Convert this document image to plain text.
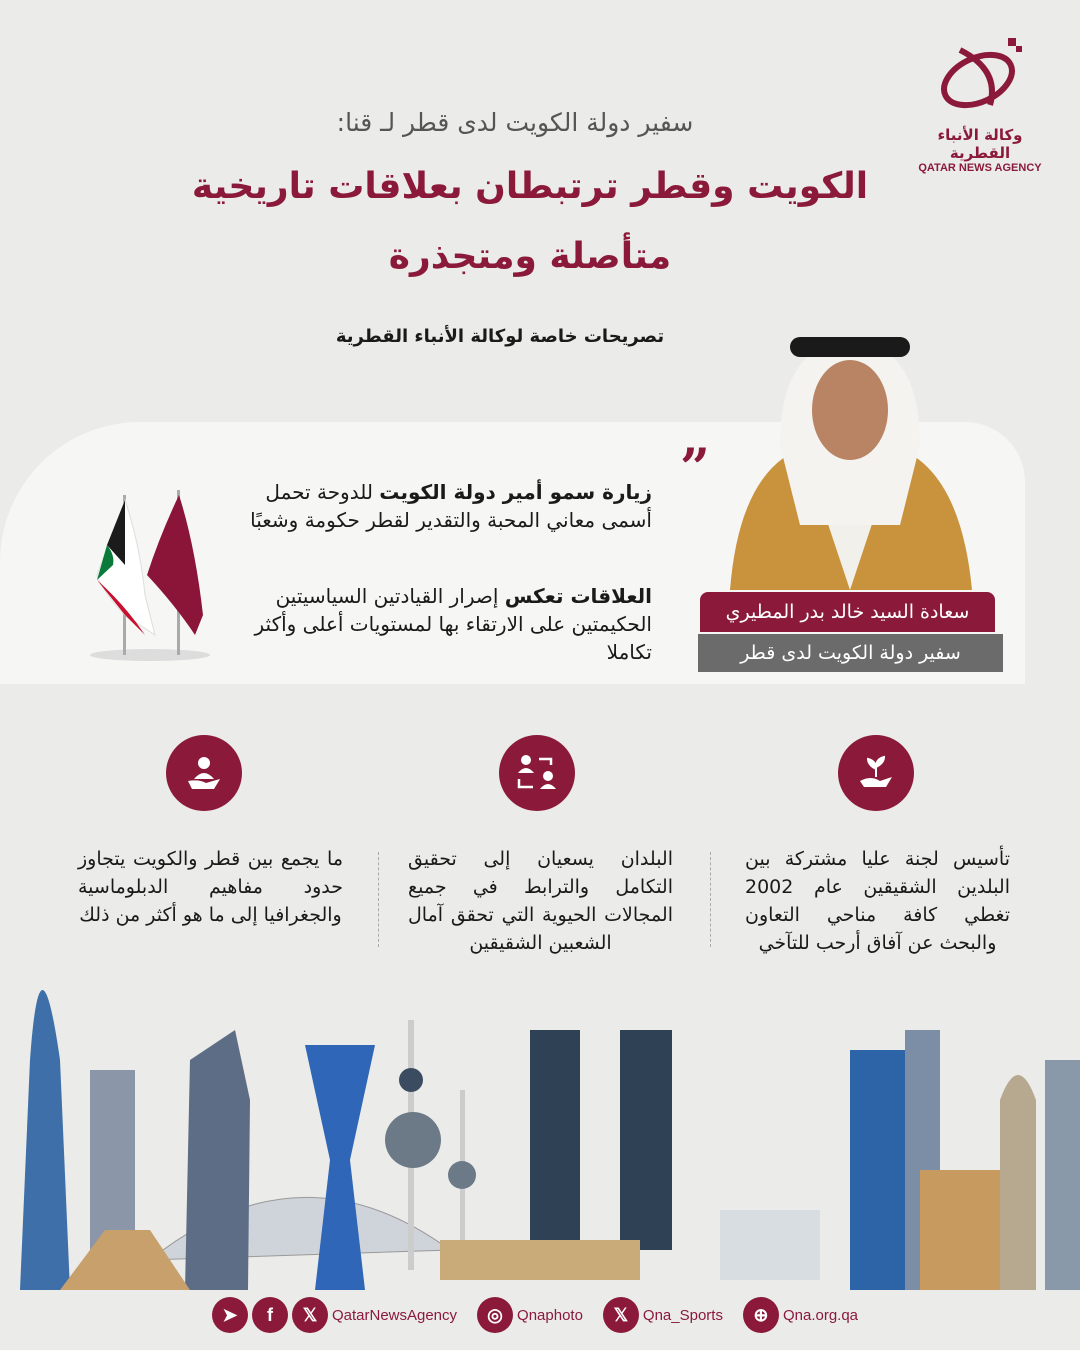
وكالة الأنباء القطرية
QATAR NEWS AGENCY
سفير دولة الكويت لدى قطر لـ قنا:
الكويت وقطر ترتبطان بعلاقات تاريخية
متأصلة ومتجذرة
تصريحات خاصة لوكالة الأنباء القطرية
”
سعادة السيد خالد بدر المطيري
سفير دولة الكويت لدى قطر
زيارة سمو أمير دولة الكويت للدوحة تحمل أسمى معاني المحبة والتقدير لقطر حكومة وشعبًا
العلاقات تعكس إصرار القيادتين السياسيتين الحكيمتين على الارتقاء بها لمستويات أعلى وأكثر تكاملا
تأسيس لجنة عليا مشتركة بين البلدين الشقيقين عام 2002 تغطي كافة مناحي التعاون والبحث عن آفاق أرحب للتآخي
البلدان يسعيان إلى تحقيق التكامل والترابط في جميع المجالات الحيوية التي تحقق آمال الشعبين الشقيقين
ما يجمع بين قطر والكويت يتجاوز حدود مفاهيم الدبلوماسية والجغرافيا إلى ما هو أكثر من ذلك
➤	f	𝕏 QatarNewsAgency	◎ Qnaphoto	𝕏 Qna_Sports	⊕ Qna.org.qa
